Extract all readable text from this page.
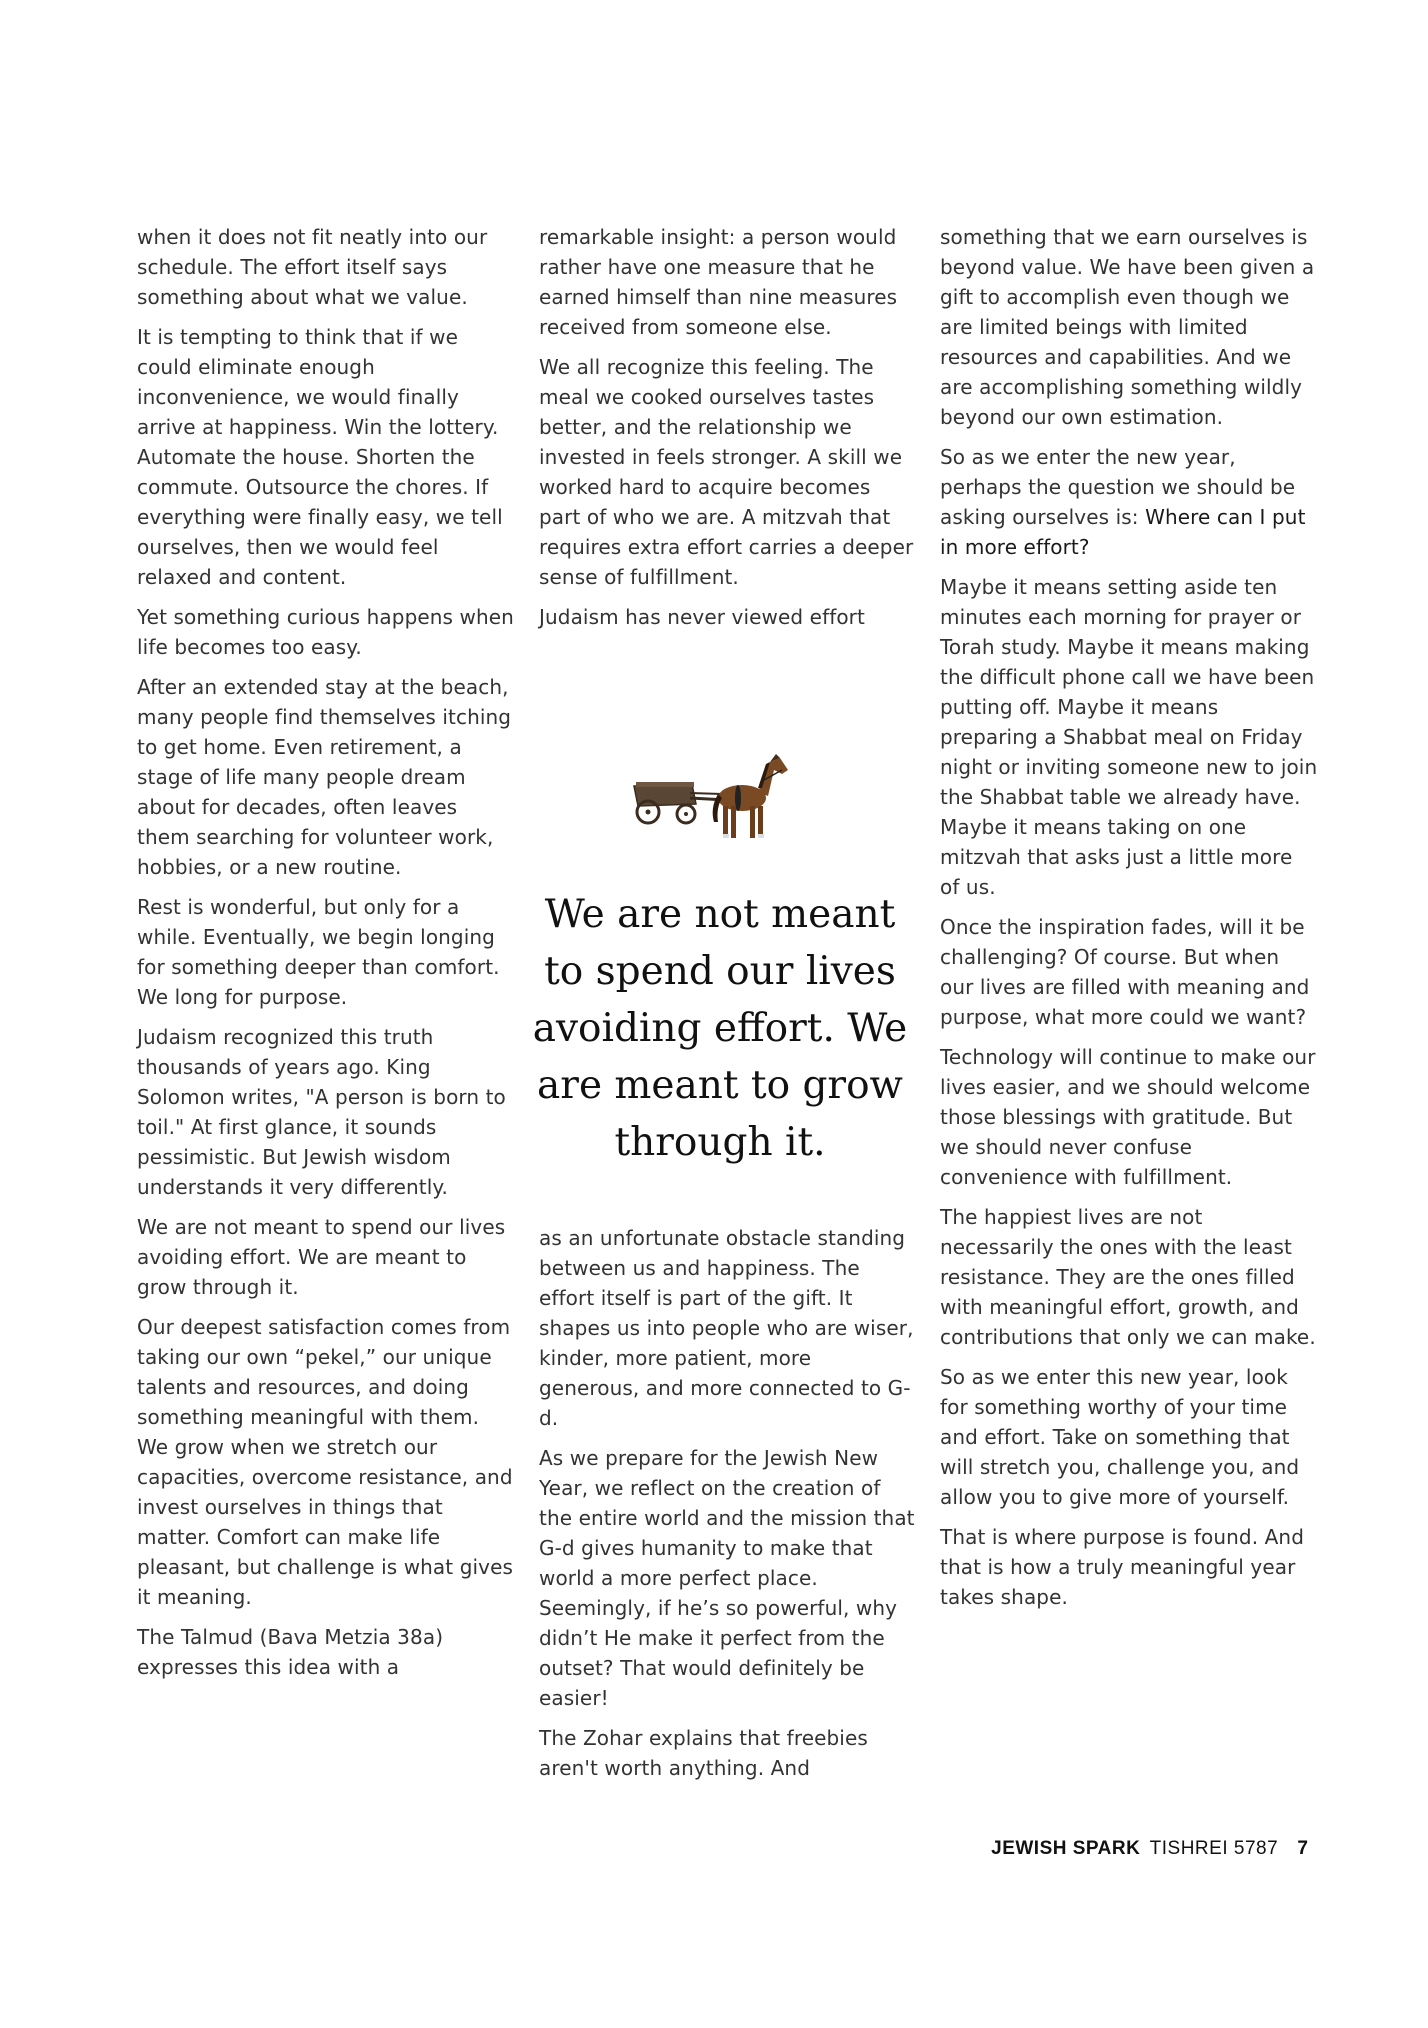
when it does not fit neatly into our schedule. The effort itself says something about what we value.

It is tempting to think that if we could eliminate enough inconvenience, we would finally arrive at happiness. Win the lottery. Automate the house. Shorten the commute. Outsource the chores. If everything were finally easy, we tell ourselves, then we would feel relaxed and content.

Yet something curious happens when life becomes too easy.

After an extended stay at the beach, many people find themselves itching to get home. Even retirement, a stage of life many people dream about for decades, often leaves them searching for volunteer work, hobbies, or a new routine.

Rest is wonderful, but only for a while. Eventually, we begin longing for something deeper than comfort. We long for purpose.

Judaism recognized this truth thousands of years ago. King Solomon writes, "A person is born to toil." At first glance, it sounds pessimistic. But Jewish wisdom understands it very differently.

We are not meant to spend our lives avoiding effort. We are meant to grow through it.

Our deepest satisfaction comes from taking our own “pekel,” our unique talents and resources, and doing something meaningful with them. We grow when we stretch our capacities, overcome resistance, and invest ourselves in things that matter. Comfort can make life pleasant, but challenge is what gives it meaning.

The Talmud (Bava Metzia 38a) expresses this idea with a

remarkable insight: a person would rather have one measure that he earned himself than nine measures received from someone else.

We all recognize this feeling. The meal we cooked ourselves tastes better, and the relationship we invested in feels stronger. A skill we worked hard to acquire becomes part of who we are. A mitzvah that requires extra effort carries a deeper sense of fulfillment.

Judaism has never viewed effort

We are not meant to spend our lives avoiding effort. We are meant to grow through it.

as an unfortunate obstacle standing between us and happiness. The effort itself is part of the gift. It shapes us into people who are wiser, kinder, more patient, more generous, and more connected to G-d.

As we prepare for the Jewish New Year, we reflect on the creation of the entire world and the mission that G-d gives humanity to make that world a more perfect place. Seemingly, if he’s so powerful, why didn’t He make it perfect from the outset? That would definitely be easier!

The Zohar explains that freebies aren't worth anything. And

something that we earn ourselves is beyond value. We have been given a gift to accomplish even though we are limited beings with limited resources and capabilities. And we are accomplishing something wildly beyond our own estimation.

So as we enter the new year, perhaps the question we should be asking ourselves is: Where can I put in more effort?

Maybe it means setting aside ten minutes each morning for prayer or Torah study. Maybe it means making the difficult phone call we have been putting off. Maybe it means preparing a Shabbat meal on Friday night or inviting someone new to join the Shabbat table we already have. Maybe it means taking on one mitzvah that asks just a little more of us.

Once the inspiration fades, will it be challenging? Of course. But when our lives are filled with meaning and purpose, what more could we want?

Technology will continue to make our lives easier, and we should welcome those blessings with gratitude. But we should never confuse convenience with fulfillment.

The happiest lives are not necessarily the ones with the least resistance. They are the ones filled with meaningful effort, growth, and contributions that only we can make.

So as we enter this new year, look for something worthy of your time and effort. Take on something that will stretch you, challenge you, and allow you to give more of yourself.

That is where purpose is found. And that is how a truly meaningful year takes shape.

JEWISH SPARK TISHREI 5787 7
